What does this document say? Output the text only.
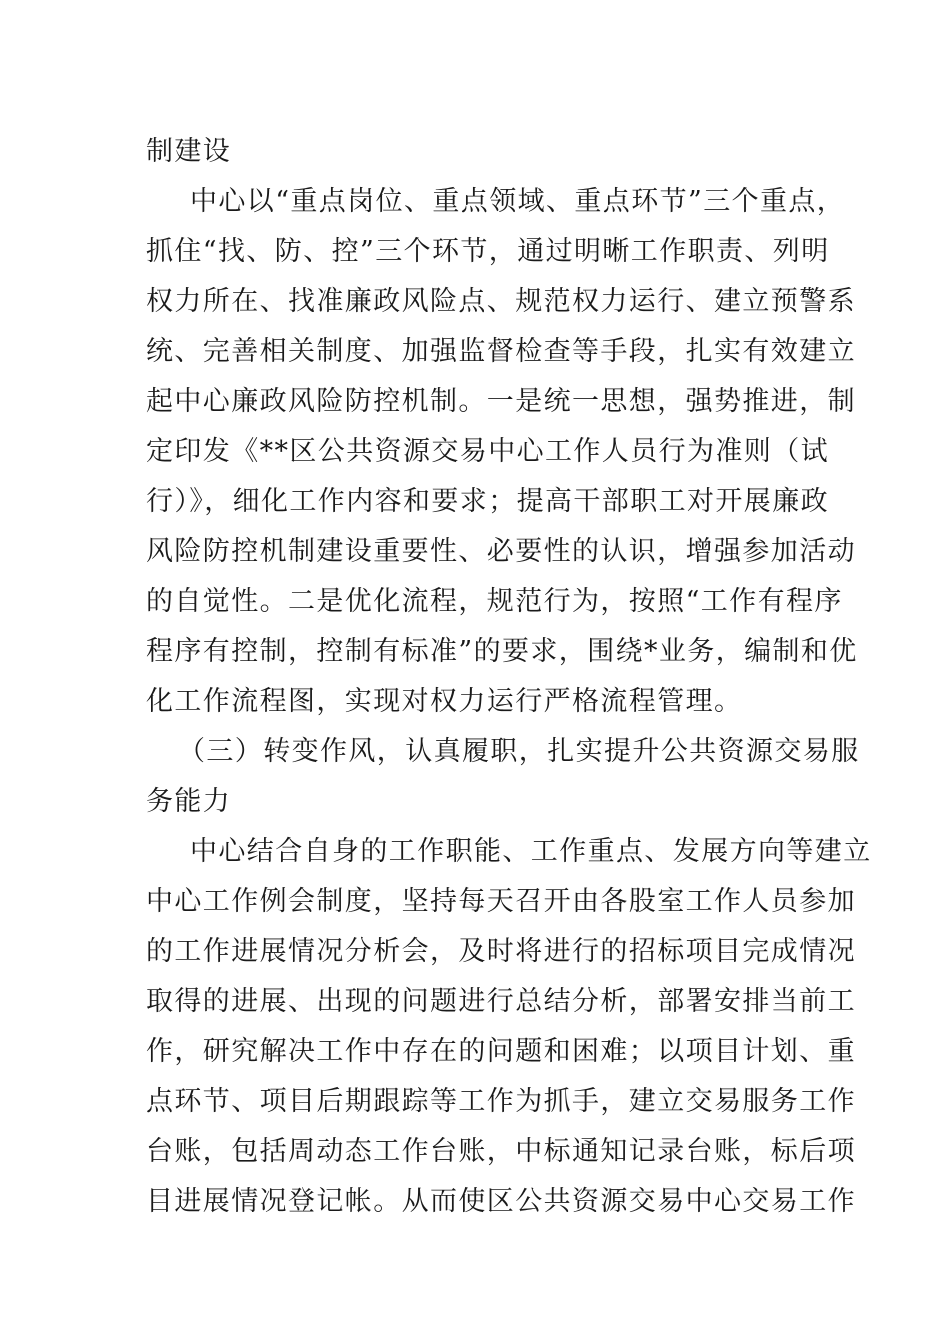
制建设
中心以“重点岗位、重点领域、重点环节”三个重点，
抓住“找、防、控”三个环节，通过明晰工作职责、列明
权力所在、找准廉政风险点、规范权力运行、建立预警系
统、完善相关制度、加强监督检查等手段，扎实有效建立
起中心廉政风险防控机制。一是统一思想，强势推进，制
定印发《**区公共资源交易中心工作人员行为准则（试
行）》，细化工作内容和要求；提高干部职工对开展廉政
风险防控机制建设重要性、必要性的认识，增强参加活动
的自觉性。二是优化流程，规范行为，按照“工作有程序
程序有控制，控制有标准”的要求，围绕*业务，编制和优
化工作流程图，实现对权力运行严格流程管理。
（三）转变作风，认真履职，扎实提升公共资源交易服
务能力
中心结合自身的工作职能、工作重点、发展方向等建立
中心工作例会制度，坚持每天召开由各股室工作人员参加
的工作进展情况分析会，及时将进行的招标项目完成情况
取得的进展、出现的问题进行总结分析，部署安排当前工
作，研究解决工作中存在的问题和困难；以项目计划、重
点环节、项目后期跟踪等工作为抓手，建立交易服务工作
台账，包括周动态工作台账，中标通知记录台账，标后项
目进展情况登记帐。从而使区公共资源交易中心交易工作
